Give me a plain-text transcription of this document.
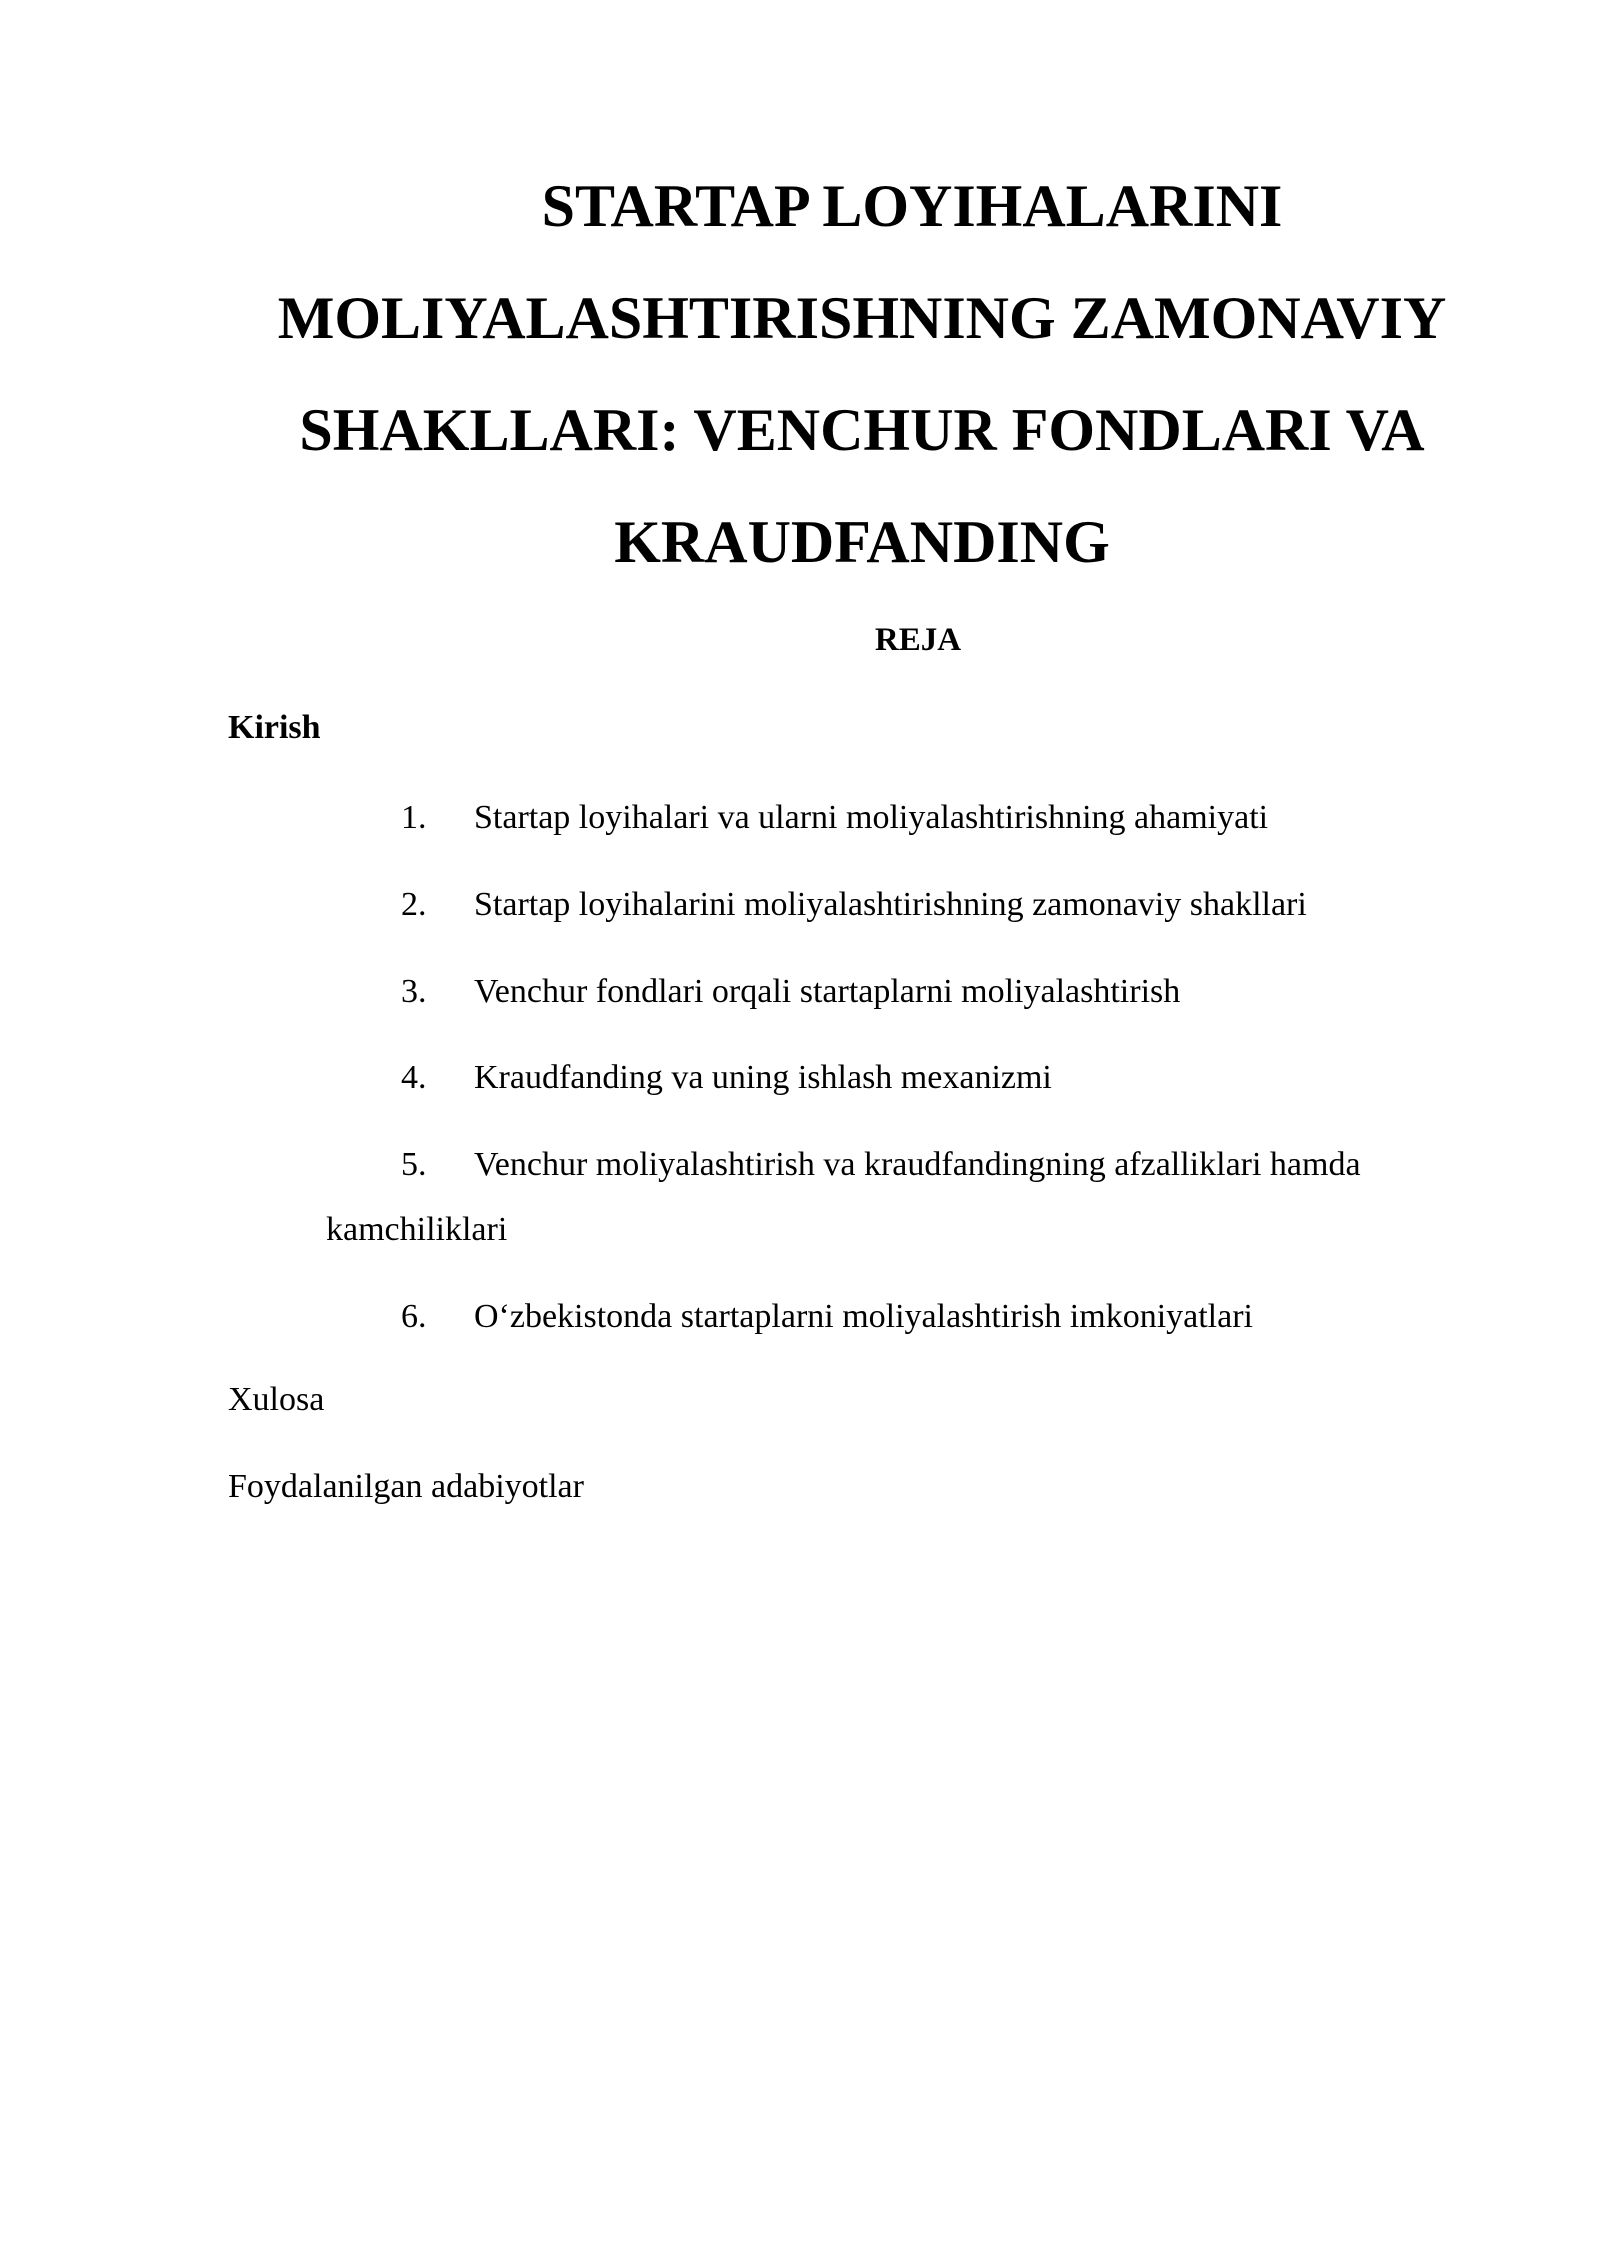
STARTAP LOYIHALARINI
MOLIYALASHTIRISHNING ZAMONAVIY
SHAKLLARI: VENCHUR FONDLARI VA
KRAUDFANDING

REJA

Kirish

1. Startap loyihalari va ularni moliyalashtirishning ahamiyati

2. Startap loyihalarini moliyalashtirishning zamonaviy shakllari

3. Venchur fondlari orqali startaplarni moliyalashtirish

4. Kraudfanding va uning ishlash mexanizmi

5. Venchur moliyalashtirish va kraudfandingning afzalliklari hamda kamchiliklari

6. O‘zbekistonda startaplarni moliyalashtirish imkoniyatlari

Xulosa

Foydalanilgan adabiyotlar
